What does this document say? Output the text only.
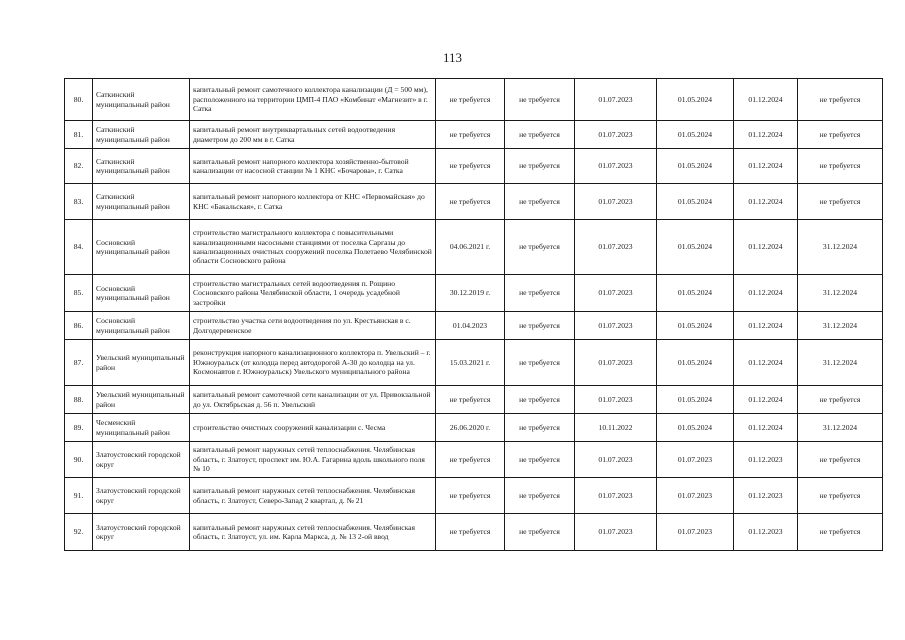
113
80.	Саткинский муниципальный район	капитальный ремонт самотечного коллектора канализации (Д = 500 мм), расположенного на территории ЦМП-4 ПАО «Комбинат «Магнезит» в г. Сатка	не требуется	не требуется	01.07.2023	01.05.2024	01.12.2024	не требуется
81.	Саткинский муниципальный район	капитальный ремонт внутриквартальных сетей водоотведения диаметром до 200 мм в г. Сатка	не требуется	не требуется	01.07.2023	01.05.2024	01.12.2024	не требуется
82.	Саткинский муниципальный район	капитальный ремонт напорного коллектора хозяйственно-бытовой канализации от насосной станции № 1 КНС «Бочарова», г. Сатка	не требуется	не требуется	01.07.2023	01.05.2024	01.12.2024	не требуется
83.	Саткинский муниципальный район	капитальный ремонт напорного коллектора от КНС «Первомайская» до КНС «Бакальская», г. Сатка	не требуется	не требуется	01.07.2023	01.05.2024	01.12.2024	не требуется
84.	Сосновский муниципальный район	строительство магистрального коллектора с повысительными канализационными насосными станциями от поселка Саргазы до канализационных очистных сооружений поселка Полетаево Челябинской области Сосновского района	04.06.2021 г.	не требуется	01.07.2023	01.05.2024	01.12.2024	31.12.2024
85.	Сосновский муниципальный район	строительство магистральных сетей водоотведения п. Рощино Сосновского района Челябинской области, 1 очередь усадебной застройки	30.12.2019 г.	не требуется	01.07.2023	01.05.2024	01.12.2024	31.12.2024
86.	Сосновский муниципальный район	строительство участка сети водоотведения по ул. Крестьянская в с. Долгодеревенское	01.04.2023	не требуется	01.07.2023	01.05.2024	01.12.2024	31.12.2024
87.	Увельский муниципальный район	реконструкция напорного канализационного коллектора п. Увельский – г. Южноуральск (от колодца перед автодорогой А-30 до колодца на ул. Космонавтов г. Южноуральск) Увельского муниципального района	15.03.2021 г.	не требуется	01.07.2023	01.05.2024	01.12.2024	31.12.2024
88.	Увельский муниципальный район	капитальный ремонт самотечной сети канализации от ул. Привокзальной до ул. Октябрьская д. 56 п. Увельский	не требуется	не требуется	01.07.2023	01.05.2024	01.12.2024	не требуется
89.	Чесменский муниципальный район	строительство очистных сооружений канализации с. Чесма	26.06.2020 г.	не требуется	10.11.2022	01.05.2024	01.12.2024	31.12.2024
90.	Златоустовский городской округ	капитальный ремонт наружных сетей теплоснабжения. Челябинская область, г. Златоуст, проспект им. Ю.А. Гагарина вдоль школьного поля № 10	не требуется	не требуется	01.07.2023	01.07.2023	01.12.2023	не требуется
91.	Златоустовский городской округ	капитальный ремонт наружных сетей теплоснабжения. Челябинская область, г. Златоуст, Северо-Запад 2 квартал, д. № 21	не требуется	не требуется	01.07.2023	01.07.2023	01.12.2023	не требуется
92.	Златоустовский городской округ	капитальный ремонт наружных сетей теплоснабжения. Челябинская область, г. Златоуст, ул. им. Карла Маркса, д. № 13 2-ой ввод	не требуется	не требуется	01.07.2023	01.07.2023	01.12.2023	не требуется
